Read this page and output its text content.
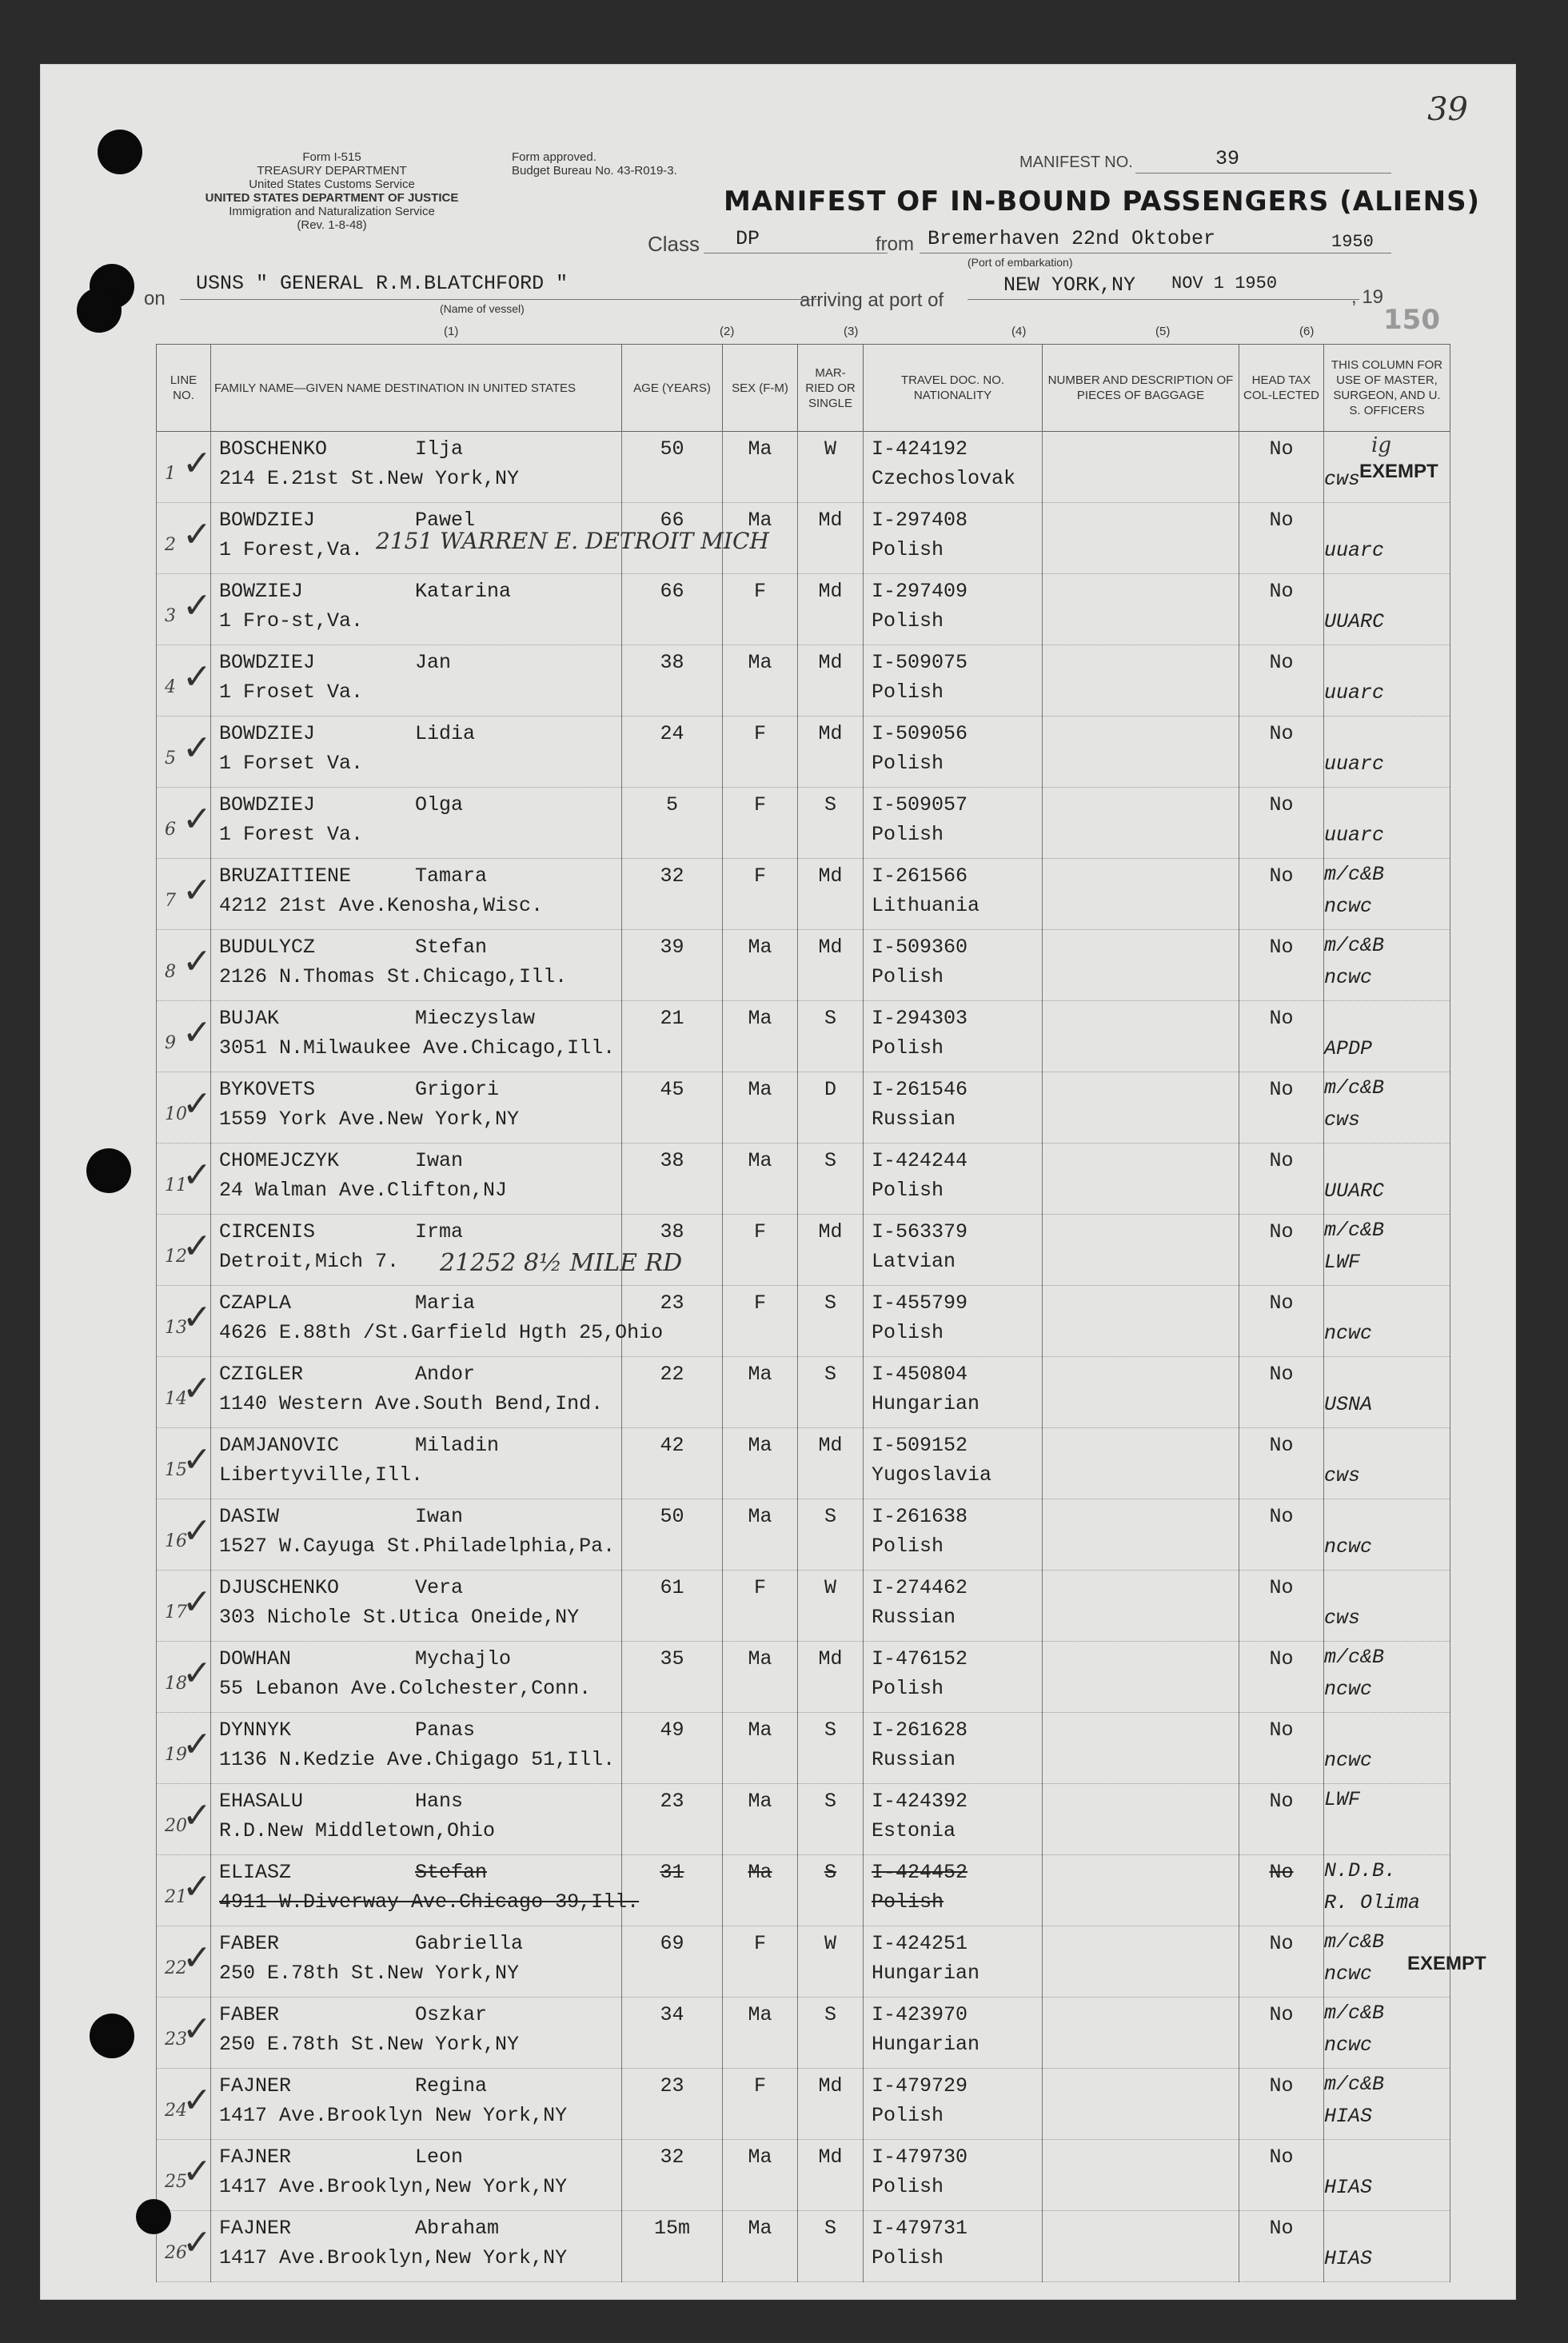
39
Form I-515
TREASURY DEPARTMENT
United States Customs Service
UNITED STATES DEPARTMENT OF JUSTICE
Immigration and Naturalization Service
(Rev. 1-8-48)
Form approved.
Budget Bureau No. 43-R019-3.	MANIFEST NO.	39
MANIFEST OF IN-BOUND PASSENGERS (ALIENS)
Class DP	from Bremerhaven 22nd Oktober	1950
(Port of embarkation)
on
USNS " GENERAL R.M.BLATCHFORD "
(Name of vessel)	arriving at port of
NEW YORK,NY NOV 1 1950
, 19
150
(1)	(2)	(3)	(4)	(5)	(6)
LINE NO.	FAMILY NAME—GIVEN NAME DESTINATION IN UNITED STATES	AGE (YEARS)	SEX (F-M)	MAR-RIED OR SINGLE	TRAVEL DOC. NO. NATIONALITY	NUMBER AND DESCRIPTION OF PIECES OF BAGGAGE	HEAD TAX COL-LECTED	THIS COLUMN FOR USE OF MASTER, SURGEON, AND U. S. OFFICERS

1 ✓	BOSCHENKO Ilja
214 E.21st St.New York,NY	50	Ma	W	I-424192
Czechoslovak		No	cws

2 ✓	BOWDZIEJ Pawel
1 Forest,Va.	66	Ma	Md	I-297408
Polish		No	uuarc

3 ✓	BOWZIEJ Katarina
1 Fro-st,Va.	66	F	Md	I-297409
Polish		No	UUARC

4 ✓	BOWDZIEJ Jan
1 Froset Va.	38	Ma	Md	I-509075
Polish		No	uuarc

5 ✓	BOWDZIEJ Lidia
1 Forset Va.	24	F	Md	I-509056
Polish		No	uuarc

6 ✓	BOWDZIEJ Olga
1 Forest Va.	5	F	S	I-509057
Polish		No	uuarc

7 ✓	BRUZAITIENE Tamara
4212 21st Ave.Kenosha,Wisc.	32	F	Md	I-261566
Lithuania		No	m/c&B
ncwc

8 ✓	BUDULYCZ Stefan
2126 N.Thomas St.Chicago,Ill.	39	Ma	Md	I-509360
Polish		No	m/c&B
ncwc

9 ✓	BUJAK Mieczyslaw
3051 N.Milwaukee Ave.Chicago,Ill.	21	Ma	S	I-294303
Polish		No	APDP

10
✓	BYKOVETS Grigori
1559 York Ave.New York,NY	45	Ma	D	I-261546
Russian		No	m/c&B
cws

11
✓	CHOMEJCZYK Iwan
24 Walman Ave.Clifton,NJ	38	Ma	S	I-424244
Polish		No	UUARC

12
✓	CIRCENIS Irma
Detroit,Mich 7.	38	F	Md	I-563379
Latvian		No	m/c&B
LWF

13
✓	CZAPLA Maria
4626 E.88th /St.Garfield Hgth 25,Ohio	23	F	S	I-455799
Polish		No	ncwc

14
✓	CZIGLER Andor
1140 Western Ave.South Bend,Ind.	22	Ma	S	I-450804
Hungarian		No	USNA

15
✓	DAMJANOVIC Miladin
Libertyville,Ill.	42	Ma	Md	I-509152
Yugoslavia		No	cws

16
✓	DASIW Iwan
1527 W.Cayuga St.Philadelphia,Pa.	50	Ma	S	I-261638
Polish		No	ncwc

17
✓	DJUSCHENKO Vera
303 Nichole St.Utica Oneide,NY	61	F	W	I-274462
Russian		No	cws

18
✓	DOWHAN Mychajlo
55 Lebanon Ave.Colchester,Conn.	35	Ma	Md	I-476152
Polish		No	m/c&B
ncwc

19
✓	DYNNYK Panas
1136 N.Kedzie Ave.Chigago 51,Ill.	49	Ma	S	I-261628
Russian		No	ncwc

20
✓	EHASALU Hans
R.D.New Middletown,Ohio	23	Ma	S	I-424392
Estonia		No	LWF

21
✓	ELIASZ Stefan
4911 W.Diverway Ave.Chicago 39,Ill.	31	Ma	S	I-424452
Polish		No	N.D.B.
R. Olima

22
✓	FABER Gabriella
250 E.78th St.New York,NY	69	F	W	I-424251
Hungarian		No	m/c&B
ncwc

23
✓	FABER Oszkar
250 E.78th St.New York,NY	34	Ma	S	I-423970
Hungarian		No	m/c&B
ncwc

24
✓	FAJNER Regina
1417 Ave.Brooklyn New York,NY	23	F	Md	I-479729
Polish		No	m/c&B
HIAS

25
✓	FAJNER Leon
1417 Ave.Brooklyn,New York,NY	32	Ma	Md	I-479730
Polish		No	HIAS

26
✓	FAJNER Abraham
1417 Ave.Brooklyn,New York,NY	15m	Ma	S	I-479731
Polish		No	HIAS
ig
EXEMPT
EXEMPT
2151 WARREN E. DETROIT MICH
21252 8½ MILE RD
